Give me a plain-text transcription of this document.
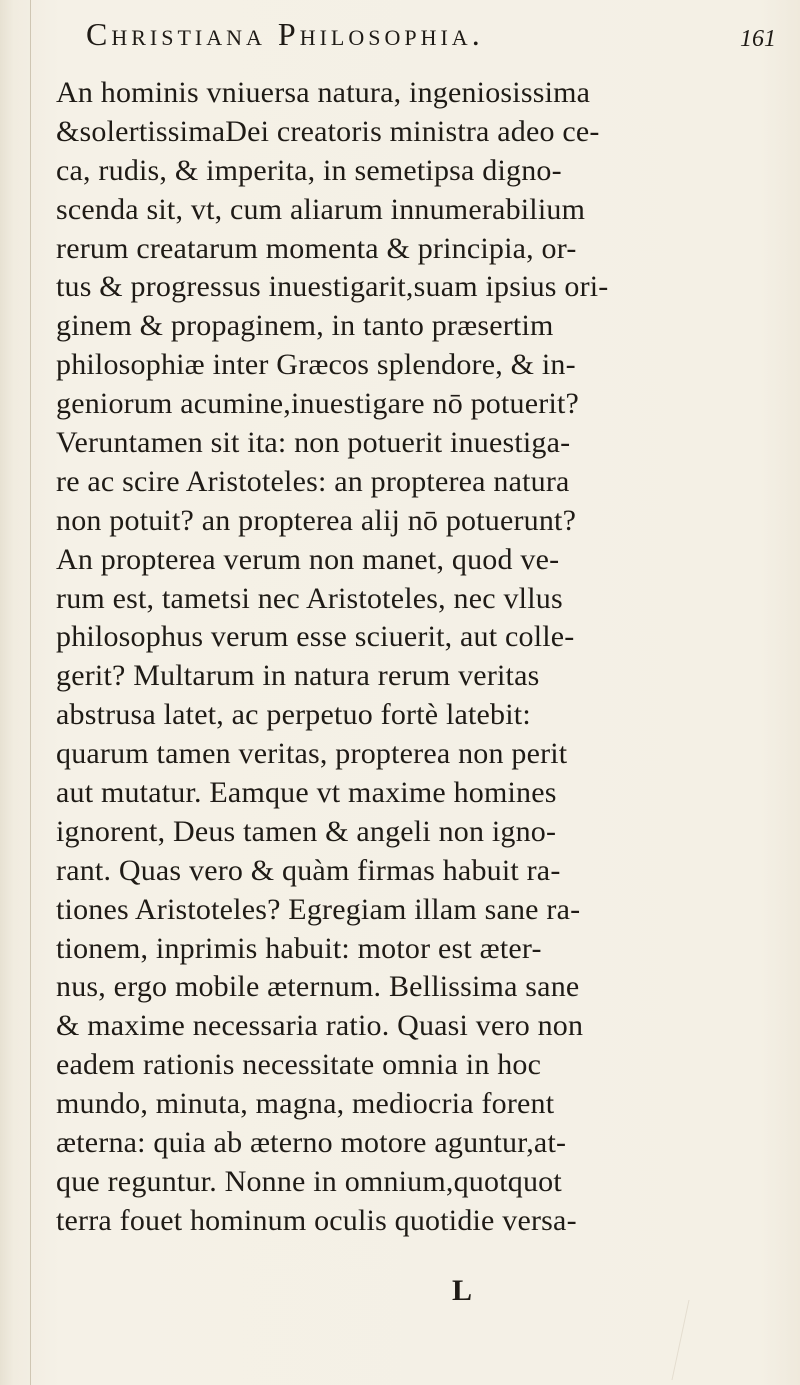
Christiana Philosophia.	161
An hominis vniuersa natura, ingeniosissima
&solertissimaDei creatoris ministra adeo ce-
ca, rudis, & imperita, in semetipsa digno-
scenda sit, vt, cum aliarum innumerabilium
rerum creatarum momenta & principia, or-
tus & progressus inuestigarit,suam ipsius ori-
ginem & propaginem, in tanto præsertim
philosophiæ inter Græcos splendore, & in-
geniorum acumine,inuestigare nō potuerit?
Veruntamen sit ita: non potuerit inuestiga-
re ac scire Aristoteles: an propterea natura
non potuit? an propterea alij nō potuerunt?
An propterea verum non manet, quod ve-
rum est, tametsi nec Aristoteles, nec vllus
philosophus verum esse sciuerit, aut colle-
gerit? Multarum in natura rerum veritas
abstrusa latet, ac perpetuo fortè latebit:
quarum tamen veritas, propterea non perit
aut mutatur. Eamque vt maxime homines
ignorent, Deus tamen & angeli non igno-
rant. Quas vero & quàm firmas habuit ra-
tiones Aristoteles? Egregiam illam sane ra-
tionem, inprimis habuit: motor est æter-
nus, ergo mobile æternum. Bellissima sane
& maxime necessaria ratio. Quasi vero non
eadem rationis necessitate omnia in hoc
mundo, minuta, magna, mediocria forent
æterna: quia ab æterno motore aguntur,at-
que reguntur. Nonne in omnium,quotquot
terra fouet hominum oculis quotidie versa-
L
